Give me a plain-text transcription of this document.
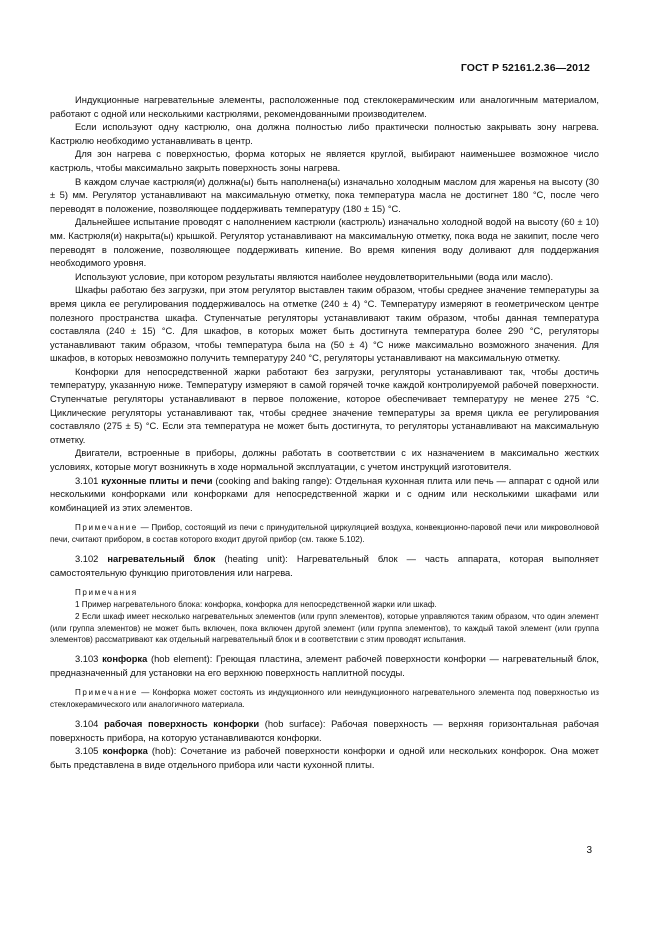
ГОСТ Р 52161.2.36—2012

Индукционные нагревательные элементы, расположенные под стеклокерамическим или аналогичным материалом, работают с одной или несколькими кастрюлями, рекомендованными производителем.

Если используют одну кастрюлю, она должна полностью либо практически полностью закрывать зону нагрева. Кастрюлю необходимо устанавливать в центр.

Для зон нагрева с поверхностью, форма которых не является круглой, выбирают наименьшее возможное число кастрюль, чтобы максимально закрыть поверхность зоны нагрева.

В каждом случае кастрюля(и) должна(ы) быть наполнена(ы) изначально холодным маслом для жаренья на высоту (30 ± 5) мм. Регулятор устанавливают на максимальную отметку, пока температура масла не достигнет 180 °С, после чего переводят в положение, позволяющее поддерживать температуру (180 ± 15) °С.

Дальнейшее испытание проводят с наполнением кастрюли (кастрюль) изначально холодной водой на высоту (60 ± 10) мм. Кастрюля(и) накрыта(ы) крышкой. Регулятор устанавливают на максимальную отметку, пока вода не закипит, после чего переводят в положение, позволяющее поддерживать кипение. Во время кипения воду доливают для поддержания необходимого уровня.

Используют условие, при котором результаты являются наиболее неудовлетворительными (вода или масло).

Шкафы работаю без загрузки, при этом регулятор выставлен таким образом, чтобы среднее значение температуры за время цикла ее регулирования поддерживалось на отметке (240 ± 4) °С. Температуру измеряют в геометрическом центре полезного пространства шкафа. Ступенчатые регуляторы устанавливают таким образом, чтобы данная температура составляла (240 ± 15) °С. Для шкафов, в которых может быть достигнута температура более 290 °С, регуляторы устанавливают таким образом, чтобы температура была на (50 ± 4) °С ниже максимально возможного значения. Для шкафов, в которых невозможно получить температуру 240 °С, регуляторы устанавливают на максимальную отметку.

Конфорки для непосредственной жарки работают без загрузки, регуляторы устанавливают так, чтобы достичь температуру, указанную ниже. Температуру измеряют в самой горячей точке каждой контролируемой рабочей поверхности. Ступенчатые регуляторы устанавливают в первое положение, которое обеспечивает температуру не менее 275 °С. Циклические регуляторы устанавливают так, чтобы среднее значение температуры за время цикла ее регулирования составляло (275 ± 5) °С. Если эта температура не может быть достигнута, то регуляторы устанавливают на максимальную отметку.

Двигатели, встроенные в приборы, должны работать в соответствии с их назначением в максимально жестких условиях, которые могут возникнуть в ходе нормальной эксплуатации, с учетом инструкций изготовителя.

3.101 кухонные плиты и печи (cooking and baking range): Отдельная кухонная плита или печь — аппарат с одной или несколькими конфорками или конфорками для непосредственной жарки и с одним или несколькими шкафами или комбинацией из этих элементов.

Примечание — Прибор, состоящий из печи с принудительной циркуляцией воздуха, конвекционно-паровой печи или микроволновой печи, считают прибором, в состав которого входит другой прибор (см. также 5.102).

3.102 нагревательный блок (heating unit): Нагревательный блок — часть аппарата, которая выполняет самостоятельную функцию приготовления или нагрева.

Примечания

1 Пример нагревательного блока: конфорка, конфорка для непосредственной жарки или шкаф.

2 Если шкаф имеет несколько нагревательных элементов (или групп элементов), которые управляются таким образом, что один элемент (или группа элементов) не может быть включен, пока включен другой элемент (или группа элементов), то каждый такой элемент (или группа элементов) рассматривают как отдельный нагревательный блок и в соответствии с этим проводят испытания.

3.103 конфорка (hob element): Греющая пластина, элемент рабочей поверхности конфорки — нагревательный блок, предназначенный для установки на его верхнюю поверхность наплитной посуды.

Примечание — Конфорка может состоять из индукционного или неиндукционного нагревательного элемента под поверхностью из стеклокерамического или аналогичного материала.

3.104 рабочая поверхность конфорки (hob surface): Рабочая поверхность — верхняя горизонтальная рабочая поверхность прибора, на которую устанавливаются конфорки.

3.105 конфорка (hob): Сочетание из рабочей поверхности конфорки и одной или нескольких конфорок. Она может быть представлена в виде отдельного прибора или части кухонной плиты.

3
